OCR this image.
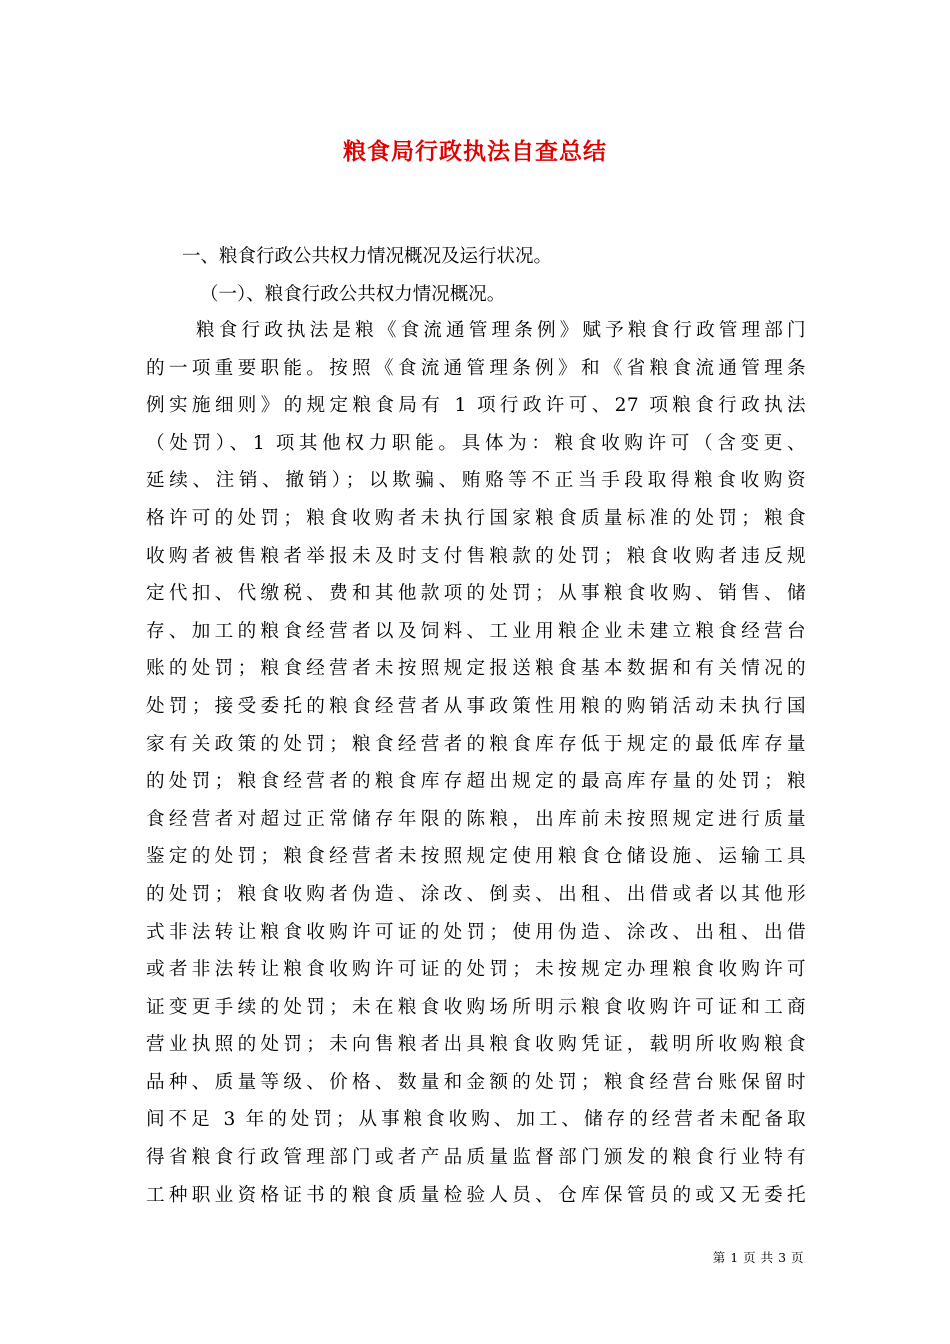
粮食局行政执法自查总结
一、粮食行政公共权力情况概况及运行状况。
（一）、粮食行政公共权力情况概况。
粮食行政执法是粮《食流通管理条例》赋予粮食行政管理部门
的一项重要职能。按照《食流通管理条例》和《省粮食流通管理条
例实施细则》的规定粮食局有 1 项行政许可、27 项粮食行政执法
（处罚）、1 项其他权力职能。具体为：粮食收购许可（含变更、
延续、注销、撤销）；以欺骗、贿赂等不正当手段取得粮食收购资
格许可的处罚；粮食收购者未执行国家粮食质量标准的处罚；粮食
收购者被售粮者举报未及时支付售粮款的处罚；粮食收购者违反规
定代扣、代缴税、费和其他款项的处罚；从事粮食收购、销售、储
存、加工的粮食经营者以及饲料、工业用粮企业未建立粮食经营台
账的处罚；粮食经营者未按照规定报送粮食基本数据和有关情况的
处罚；接受委托的粮食经营者从事政策性用粮的购销活动未执行国
家有关政策的处罚；粮食经营者的粮食库存低于规定的最低库存量
的处罚；粮食经营者的粮食库存超出规定的最高库存量的处罚；粮
食经营者对超过正常储存年限的陈粮，出库前未按照规定进行质量
鉴定的处罚；粮食经营者未按照规定使用粮食仓储设施、运输工具
的处罚；粮食收购者伪造、涂改、倒卖、出租、出借或者以其他形
式非法转让粮食收购许可证的处罚；使用伪造、涂改、出租、出借
或者非法转让粮食收购许可证的处罚；未按规定办理粮食收购许可
证变更手续的处罚；未在粮食收购场所明示粮食收购许可证和工商
营业执照的处罚；未向售粮者出具粮食收购凭证，载明所收购粮食
品种、质量等级、价格、数量和金额的处罚；粮食经营台账保留时
间不足 3 年的处罚；从事粮食收购、加工、储存的经营者未配备取
得省粮食行政管理部门或者产品质量监督部门颁发的粮食行业特有
工种职业资格证书的粮食质量检验人员、仓库保管员的或又无委托
第 1 页 共 3 页
